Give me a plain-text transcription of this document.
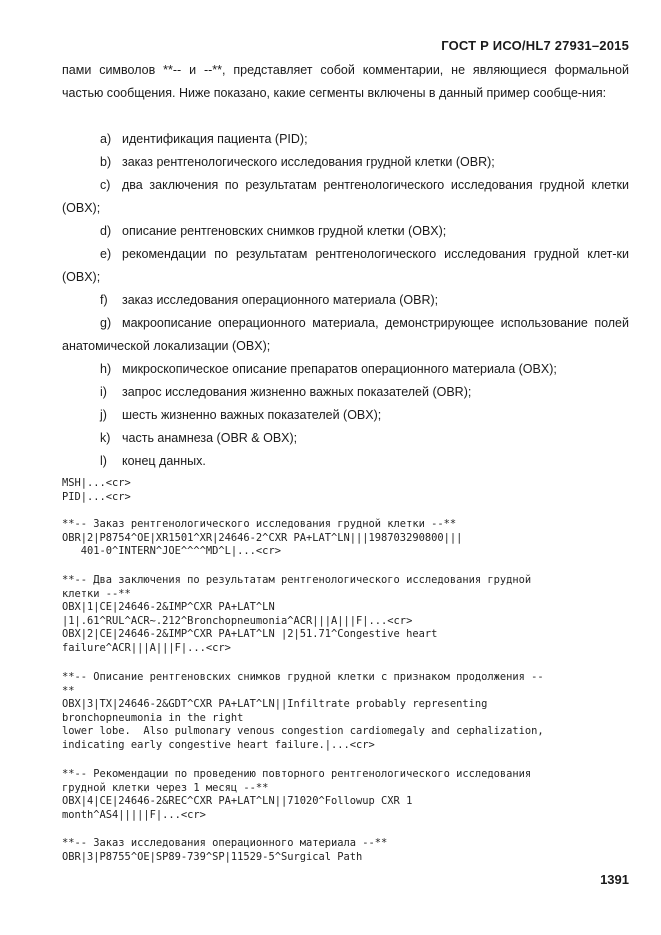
ГОСТ Р ИСО/HL7 27931–2015
пами символов **-- и --**, представляет собой комментарии, не являющиеся формальной частью сообщения. Ниже показано, какие сегменты включены в данный пример сообще-ния:
a) идентификация пациента (PID);
b) заказ рентгенологического исследования грудной клетки (OBR);
c) два заключения по результатам рентгенологического исследования грудной клетки (OBX);
d) описание рентгеновских снимков грудной клетки (OBX);
e) рекомендации по результатам рентгенологического исследования грудной клет-ки (OBX);
f) заказ исследования операционного материала (OBR);
g) макроописание операционного материала, демонстрирующее использование полей анатомической локализации (OBX);
h) микроскопическое описание препаратов операционного материала (OBX);
i) запрос исследования жизненно важных показателей (OBR);
j) шесть жизненно важных показателей (OBX);
k) часть анамнеза (OBR & OBX);
l) конец данных.
MSH|...<cr>
PID|...<cr>
**-- Заказ рентгенологического исследования грудной клетки --**
OBR|2|P8754^OE|XR1501^XR|24646-2^CXR PA+LAT^LN|||198703290800|||
401-0^INTERN^JOE^^^^MD^L|...<cr>
**-- Два заключения по результатам рентгенологического исследования грудной
клетки --**
OBX|1|CE|24646-2&IMP^CXR PA+LAT^LN
|1|.61^RUL^ACR~.212^Bronchopneumonia^ACR|||A|||F|...<cr>
OBX|2|CE|24646-2&IMP^CXR PA+LAT^LN |2|51.71^Congestive heart
failure^ACR|||A|||F|...<cr>
**-- Описание рентгеновских снимков грудной клетки с признаком продолжения --
**
OBX|3|TX|24646-2&GDT^CXR PA+LAT^LN||Infiltrate probably representing
bronchopneumonia in the right
lower lobe.  Also pulmonary venous congestion cardiomegaly and cephalization,
indicating early congestive heart failure.|...<cr>
**-- Рекомендации по проведению повторного рентгенологического исследования
грудной клетки через 1 месяц --**
OBX|4|CE|24646-2&REC^CXR PA+LAT^LN||71020^Followup CXR 1
month^AS4|||||F|...<cr>
**-- Заказ исследования операционного материала --**
OBR|3|P8755^OE|SP89-739^SP|11529-5^Surgical Path
1391
